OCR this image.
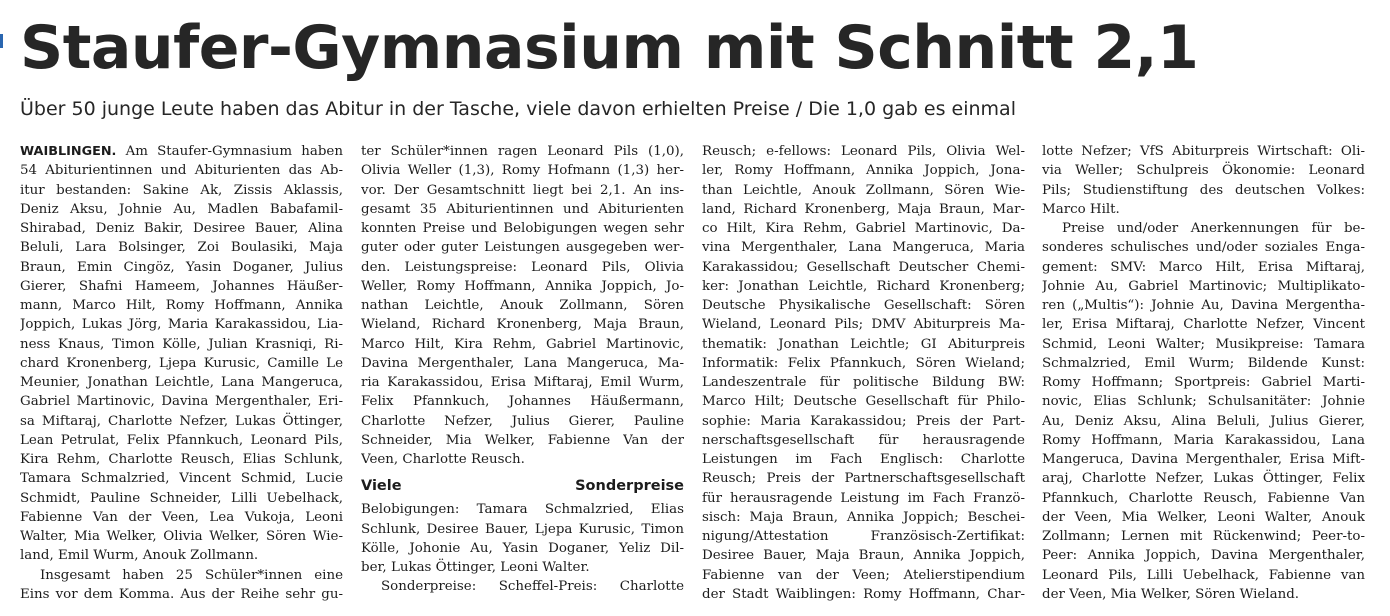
Staufer-Gymnasium mit Schnitt 2,1
Über 50 junge Leute haben das Abitur in der Tasche, viele davon erhielten Preise / Die 1,0 gab es einmal
WAIBLINGEN. Am Staufer-Gymnasium haben
54 Abiturientinnen und Abiturienten das Ab-
itur bestanden: Sakine Ak, Zissis Aklassis,
Deniz Aksu, Johnie Au, Madlen Babafamil-
Shirabad, Deniz Bakir, Desiree Bauer, Alina
Beluli, Lara Bolsinger, Zoi Boulasiki, Maja
Braun, Emin Cingöz, Yasin Doganer, Julius
Gierer, Shafni Hameem, Johannes Häußer-
mann, Marco Hilt, Romy Hoffmann, Annika
Joppich, Lukas Jörg, Maria Karakassidou, Lia-
ness Knaus, Timon Kölle, Julian Krasniqi, Ri-
chard Kronenberg, Ljepa Kurusic, Camille Le
Meunier, Jonathan Leichtle, Lana Mangeruca,
Gabriel Martinovic, Davina Mergenthaler, Eri-
sa Miftaraj, Charlotte Nefzer, Lukas Öttinger,
Lean Petrulat, Felix Pfannkuch, Leonard Pils,
Kira Rehm, Charlotte Reusch, Elias Schlunk,
Tamara Schmalzried, Vincent Schmid, Lucie
Schmidt, Pauline Schneider, Lilli Uebelhack,
Fabienne Van der Veen, Lea Vukoja, Leoni
Walter, Mia Welker, Olivia Welker, Sören Wie-
land, Emil Wurm, Anouk Zollmann.
Insgesamt haben 25 Schüler*innen eine
Eins vor dem Komma. Aus der Reihe sehr gu-
ter Schüler*innen ragen Leonard Pils (1,0),
Olivia Weller (1,3), Romy Hofmann (1,3) her-
vor. Der Gesamtschnitt liegt bei 2,1. An ins-
gesamt 35 Abiturientinnen und Abiturienten
konnten Preise und Belobigungen wegen sehr
guter oder guter Leistungen ausgegeben wer-
den. Leistungspreise: Leonard Pils, Olivia
Weller, Romy Hoffmann, Annika Joppich, Jo-
nathan Leichtle, Anouk Zollmann, Sören
Wieland, Richard Kronenberg, Maja Braun,
Marco Hilt, Kira Rehm, Gabriel Martinovic,
Davina Mergenthaler, Lana Mangeruca, Ma-
ria Karakassidou, Erisa Miftaraj, Emil Wurm,
Felix Pfannkuch, Johannes Häußermann,
Charlotte Nefzer, Julius Gierer, Pauline
Schneider, Mia Welker, Fabienne Van der
Veen, Charlotte Reusch.
Viele Sonderpreise
Belobigungen: Tamara Schmalzried, Elias
Schlunk, Desiree Bauer, Ljepa Kurusic, Timon
Kölle, Johonie Au, Yasin Doganer, Yeliz Dil-
ber, Lukas Öttinger, Leoni Walter.
Sonderpreise: Scheffel-Preis: Charlotte
Reusch; e-fellows: Leonard Pils, Olivia Wel-
ler, Romy Hoffmann, Annika Joppich, Jona-
than Leichtle, Anouk Zollmann, Sören Wie-
land, Richard Kronenberg, Maja Braun, Mar-
co Hilt, Kira Rehm, Gabriel Martinovic, Da-
vina Mergenthaler, Lana Mangeruca, Maria
Karakassidou; Gesellschaft Deutscher Chemi-
ker: Jonathan Leichtle, Richard Kronenberg;
Deutsche Physikalische Gesellschaft: Sören
Wieland, Leonard Pils; DMV Abiturpreis Ma-
thematik: Jonathan Leichtle; GI Abiturpreis
Informatik: Felix Pfannkuch, Sören Wieland;
Landeszentrale für politische Bildung BW:
Marco Hilt; Deutsche Gesellschaft für Philo-
sophie: Maria Karakassidou; Preis der Part-
nerschaftsgesellschaft für herausragende
Leistungen im Fach Englisch: Charlotte
Reusch; Preis der Partnerschaftsgesellschaft
für herausragende Leistung im Fach Franzö-
sisch: Maja Braun, Annika Joppich; Beschei-
nigung/Attestation Französisch-Zertifikat:
Desiree Bauer, Maja Braun, Annika Joppich,
Fabienne van der Veen; Atelierstipendium
der Stadt Waiblingen: Romy Hoffmann, Char-
lotte Nefzer; VfS Abiturpreis Wirtschaft: Oli-
via Weller; Schulpreis Ökonomie: Leonard
Pils; Studienstiftung des deutschen Volkes:
Marco Hilt.
Preise und/oder Anerkennungen für be-
sonderes schulisches und/oder soziales Enga-
gement: SMV: Marco Hilt, Erisa Miftaraj,
Johnie Au, Gabriel Martinovic; Multiplikato-
ren („Multis“): Johnie Au, Davina Mergentha-
ler, Erisa Miftaraj, Charlotte Nefzer, Vincent
Schmid, Leoni Walter; Musikpreise: Tamara
Schmalzried, Emil Wurm; Bildende Kunst:
Romy Hoffmann; Sportpreis: Gabriel Marti-
novic, Elias Schlunk; Schulsanitäter: Johnie
Au, Deniz Aksu, Alina Beluli, Julius Gierer,
Romy Hoffmann, Maria Karakassidou, Lana
Mangeruca, Davina Mergenthaler, Erisa Mift-
araj, Charlotte Nefzer, Lukas Öttinger, Felix
Pfannkuch, Charlotte Reusch, Fabienne Van
der Veen, Mia Welker, Leoni Walter, Anouk
Zollmann; Lernen mit Rückenwind; Peer-to-
Peer: Annika Joppich, Davina Mergenthaler,
Leonard Pils, Lilli Uebelhack, Fabienne van
der Veen, Mia Welker, Sören Wieland.
